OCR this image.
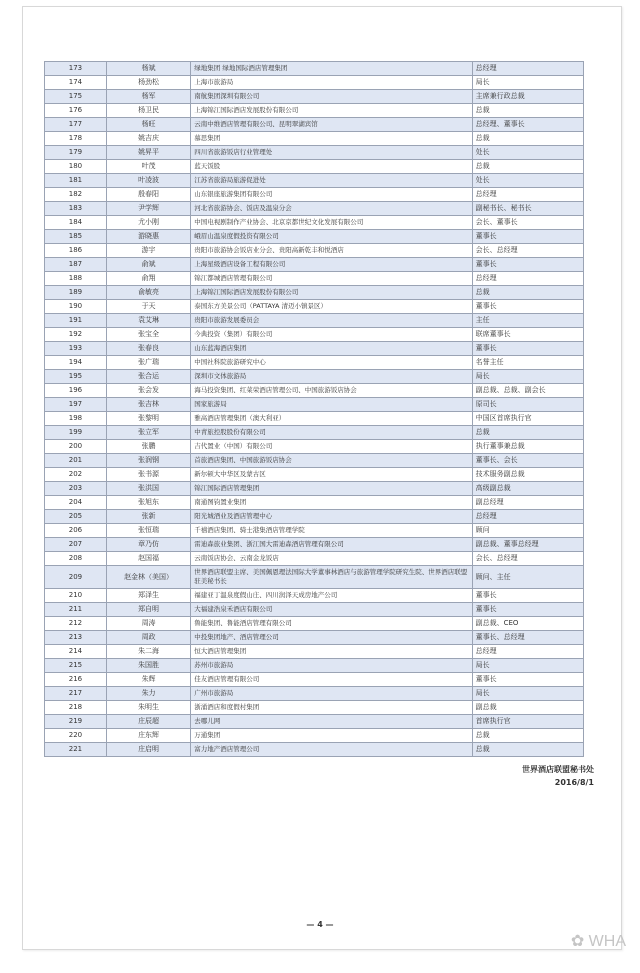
173	杨斌	绿地集团 绿地国际酒店管理集团	总经理
174	杨劲松	上海市旅游局	局长
175	杨军	南航集团深圳有限公司	主席兼行政总裁
176	杨卫民	上海锦江国际酒店发展股份有限公司	总裁
177	杨旺	云南中维酒店管理有限公司、昆明翠湖宾馆	总经理、董事长
178	姚吉庆	慕思集团	总裁
179	姚昇平	四川省旅游饭店行业管理处	处长
180	叶茂	蓝天饭股	总裁
181	叶凌波	江苏省旅游局旅游促进处	处长
182	殷春阳	山东银座旅游集团有限公司	总经理
183	尹学辉	河北省旅游协会、饭店及温泉分会	副秘书长、秘书长
184	尤小刚	中国电视剧制作产业协会、北京京都世纪文化发展有限公司	会长、董事长
185	游晓惠	峨眉山温泉度假投资有限公司	董事长
186	游宇	贵阳市旅游协会饭店业分会、贵阳高新乾丰和悦酒店	会长、总经理
187	俞斌	上海星级酒店设备工程有限公司	董事长
188	俞翔	锦江都城酒店管理有限公司	总经理
189	俞敏亮	上海锦江国际酒店发展股份有限公司	总裁
190	于天	泰国东方美景公司（PATTAYA 清迈小镇景区）	董事长
191	袁艾琳	贵阳市旅游发展委员会	主任
192	张宝全	今典投资（集团）有限公司	联席董事长
193	张春良	山东蓝海酒店集团	董事长
194	张广瑞	中国社科院旅游研究中心	名誉主任
195	张合运	深圳市文体旅游局	局长
196	张会发	海马投资集团、红菜荣酒店管理公司、中国旅游饭店协会	副总裁、总裁、副会长
197	张吉林	国家旅游局	原司长
198	张黎明	雅高酒店管理集团（澳大利亚）	中国区首席执行官
199	张立军	中青旅控股股份有限公司	总裁
200	张鹏	吉代置业（中国）有限公司	执行董事兼总裁
201	张润钢	首旅酒店集团、中国旅游饭店协会	董事长、会长
202	张书源	新尔顿大中华区及蒙古区	技术服务副总裁
203	张洪国	锦江国际酒店管理集团	高级副总裁
204	张旭东	南通图钧置业集团	副总经理
205	张新	阳光城酒业及酒店管理中心	总经理
206	张恒瑞	千禧酒店集团、骑士港集酒店管理学院	顾问
207	章乃仿	雷迪森旅业集团、浙江国大雷迪森酒店管理有限公司	副总裁、董事总经理
208	赵国福	云南饭店协会、云南金龙饭店	会长、总经理
209	赵金林（美国）	世界酒店联盟主席、美国佩恩理法国际大学董事林酒店与旅游管理学院研究生院、世界酒店联盟驻美秘书长	顾问、主任
210	郑泽生	福建亚丁温泉度假山庄、四川润泽天成房地产公司	董事长
211	郑自明	大福建浩泉禾酒店有限公司	董事长
212	周涛	鲁能集团、鲁能酒店管理有限公司	副总裁、CEO
213	周政	中投集团地产、酒店管理公司	董事长、总经理
214	朱二海	恒大酒店管理集团	总经理
215	朱国胜	苏州市旅游局	局长
216	朱辉	佳友酒店管理有限公司	董事长
217	朱力	广州市旅游局	局长
218	朱明生	浙涌酒店和度假村集团	副总裁
219	庄辰超	去哪儿网	首席执行官
220	庄东辉	万通集团	总裁
221	庄启明	富力地产酒店管理公司	总裁
世界酒店联盟秘书处
2016/8/1
— 4 —
✿ WHA
